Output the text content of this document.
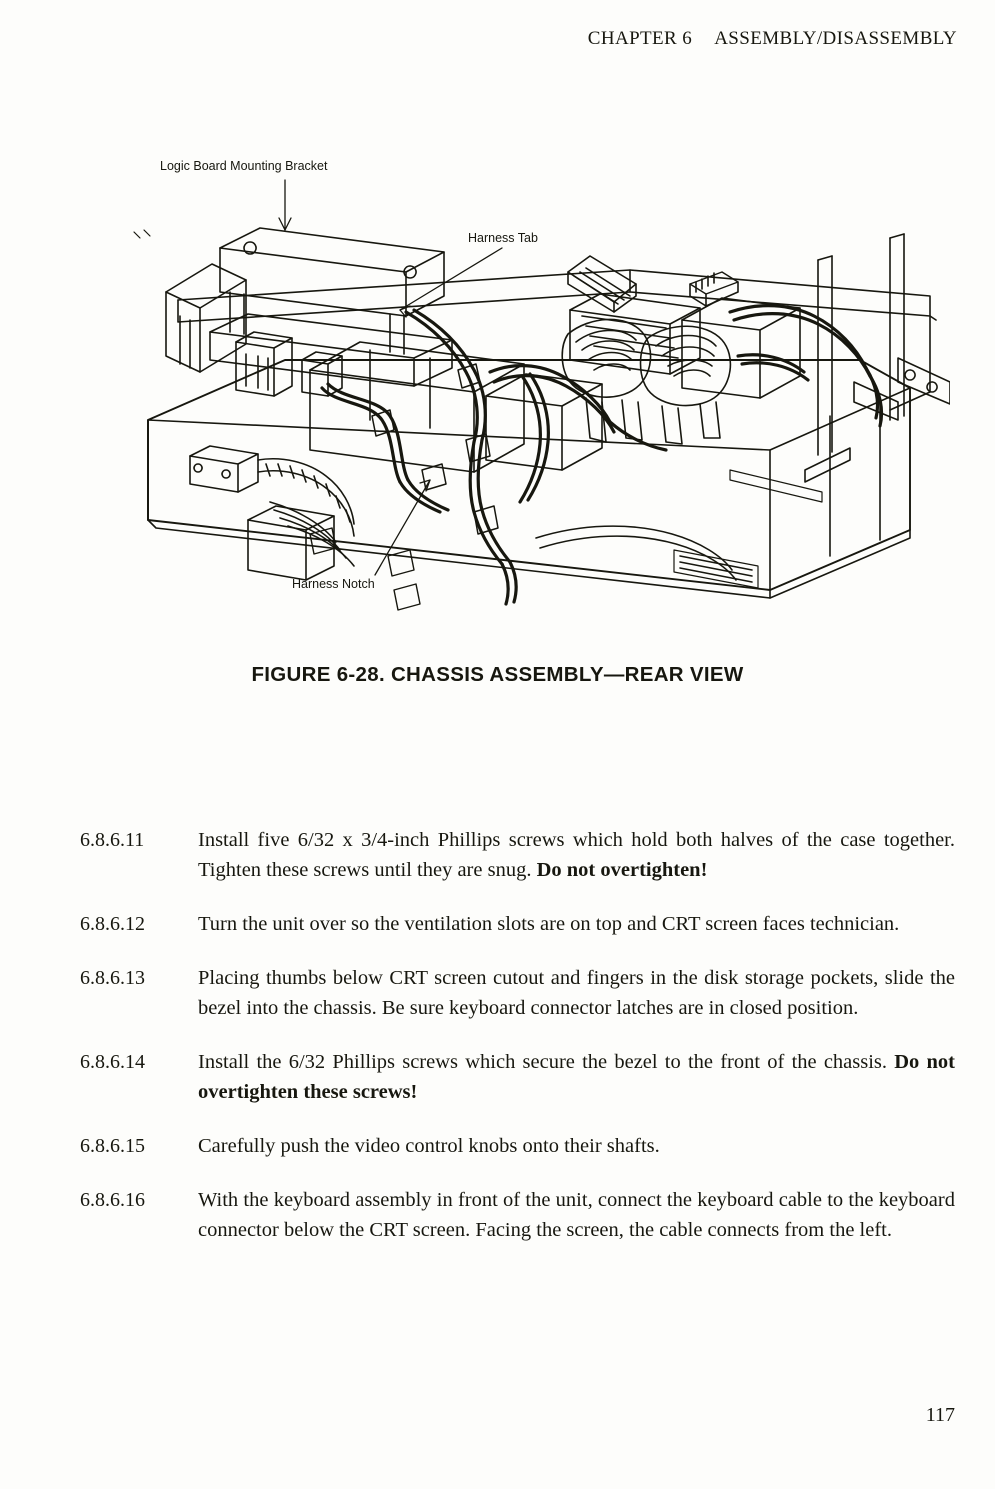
CHAPTER 6 ASSEMBLY/DISASSEMBLY
Logic Board Mounting Bracket
Harness Tab
Harness Notch
FIGURE 6-28. CHASSIS ASSEMBLY—REAR VIEW
6.8.6.11	Install five 6/32 x 3/4-inch Phillips screws which hold both halves of the case together. Tighten these screws until they are snug. Do not overtighten!
6.8.6.12	Turn the unit over so the ventilation slots are on top and CRT screen faces technician.
6.8.6.13	Placing thumbs below CRT screen cutout and fingers in the disk storage pockets, slide the bezel into the chassis. Be sure keyboard connector latches are in closed position.
6.8.6.14	Install the 6/32 Phillips screws which secure the bezel to the front of the chassis. Do not overtighten these screws!
6.8.6.15	Carefully push the video control knobs onto their shafts.
6.8.6.16	With the keyboard assembly in front of the unit, connect the keyboard cable to the keyboard connector below the CRT screen. Facing the screen, the cable connects from the left.
117
